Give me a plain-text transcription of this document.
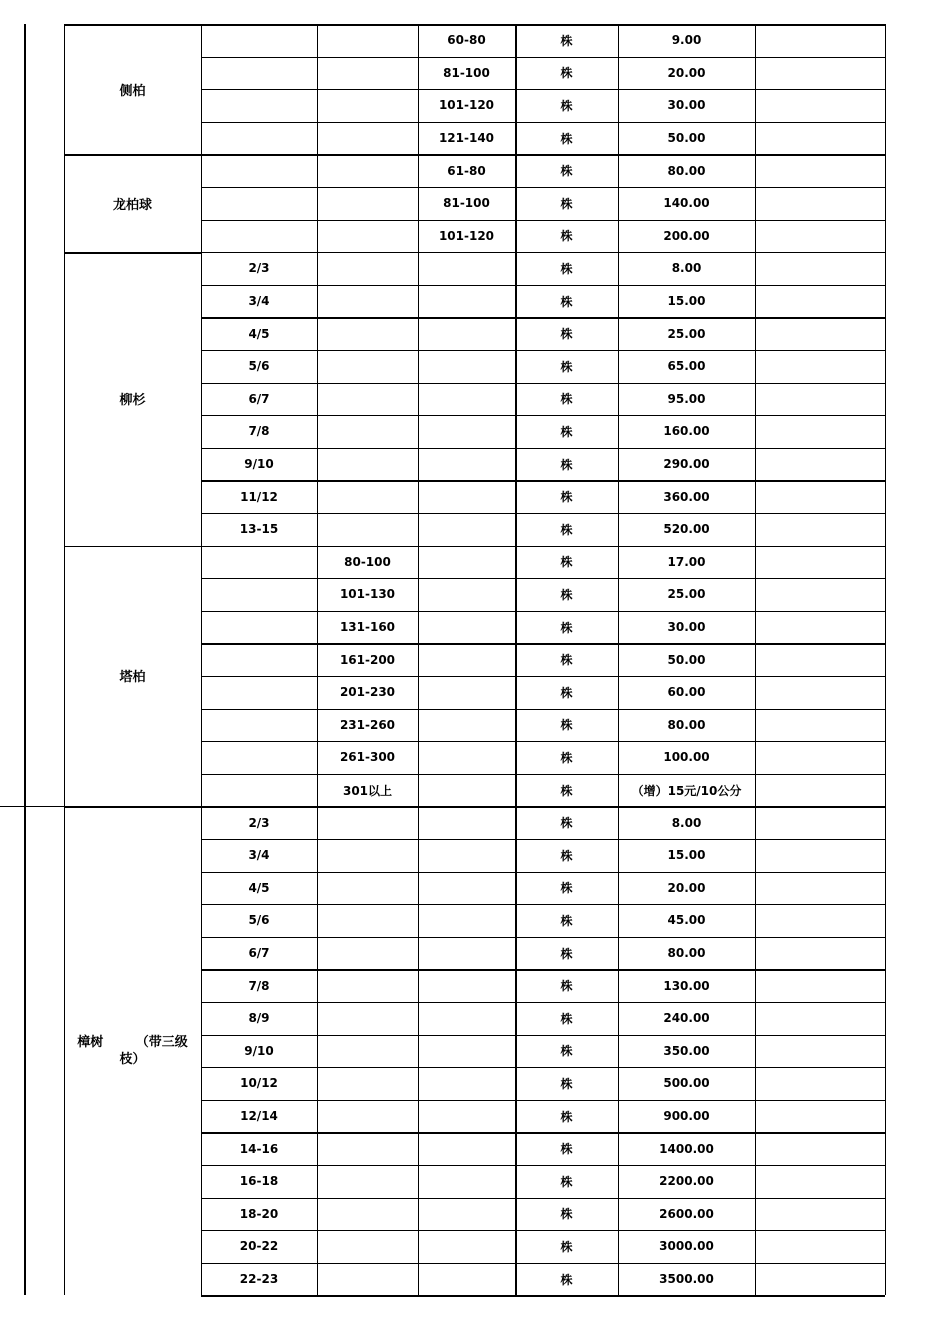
侧柏
60-80	株	9.00
81-100	株	20.00
101-120	株	30.00
121-140	株	50.00
龙柏球
61-80	株	80.00
81-100	株	140.00
101-120	株	200.00
柳杉
2/3	株	8.00
3/4	株	15.00
4/5	株	25.00
5/6	株	65.00
6/7	株	95.00
7/8	株	160.00
9/10	株	290.00
11/12	株	360.00
13-15	株	520.00
塔柏
80-100	株	17.00
101-130	株	25.00
131-160	株	30.00
161-200	株	50.00
201-230	株	60.00
231-260	株	80.00
261-300	株	100.00
301以上	株	（增）15元/10公分
樟树　　　（带三级枝）
2/3	株	8.00
3/4	株	15.00
4/5	株	20.00
5/6	株	45.00
6/7	株	80.00
7/8	株	130.00
8/9	株	240.00
9/10	株	350.00
10/12	株	500.00
12/14	株	900.00
14-16	株	1400.00
16-18	株	2200.00
18-20	株	2600.00
20-22	株	3000.00
22-23	株	3500.00
